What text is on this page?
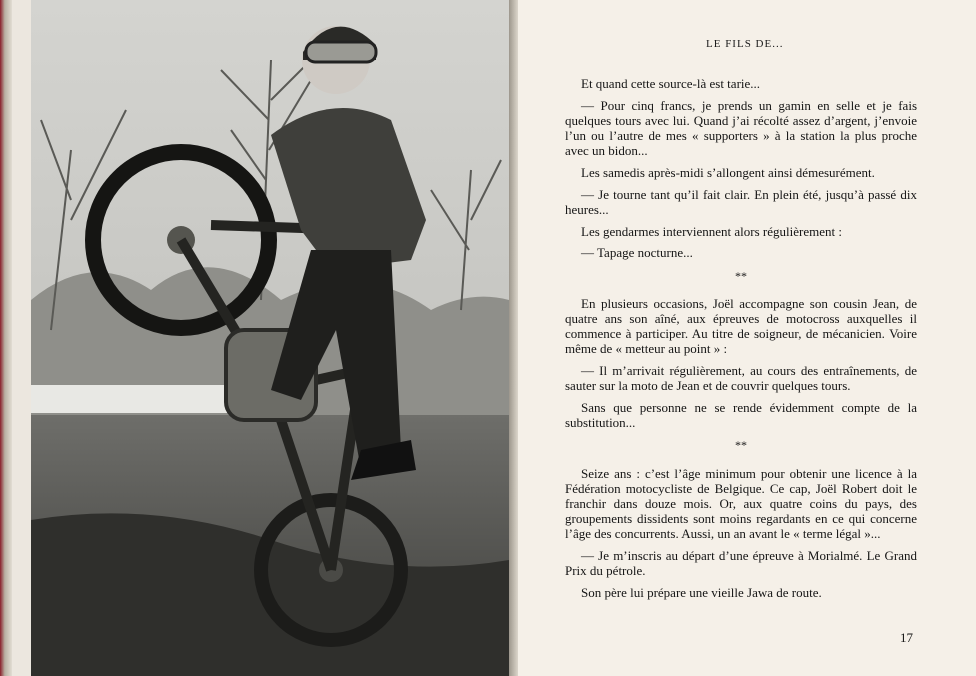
LE FILS DE...

Et quand cette source-là est tarie...

— Pour cinq francs, je prends un gamin en selle et je fais quelques tours avec lui. Quand j’ai récolté assez d’argent, j’envoie l’un ou l’autre de mes « supporters » à la station la plus proche avec un bidon...

Les samedis après-midi s’allongent ainsi démesurément.

— Je tourne tant qu’il fait clair. En plein été, jusqu’à passé dix heures...

Les gendarmes interviennent alors régulièrement :

— Tapage nocturne...

**

En plusieurs occasions, Joël accompagne son cousin Jean, de quatre ans son aîné, aux épreuves de motocross auxquelles il commence à participer. Au titre de soigneur, de mécanicien. Voire même de « metteur au point » :

— Il m’arrivait régulièrement, au cours des entraînements, de sauter sur la moto de Jean et de couvrir quelques tours.

Sans que personne ne se rende évidemment compte de la substitution...

**

Seize ans : c’est l’âge minimum pour obtenir une licence à la Fédération motocycliste de Belgique. Ce cap, Joël Robert doit le franchir dans douze mois. Or, aux quatre coins du pays, des groupements dissidents sont moins regardants en ce qui concerne l’âge des concurrents. Aussi, un an avant le « terme légal »...

— Je m’inscris au départ d’une épreuve à Morialmé. Le Grand Prix du pétrole.

Son père lui prépare une vieille Jawa de route.

17
